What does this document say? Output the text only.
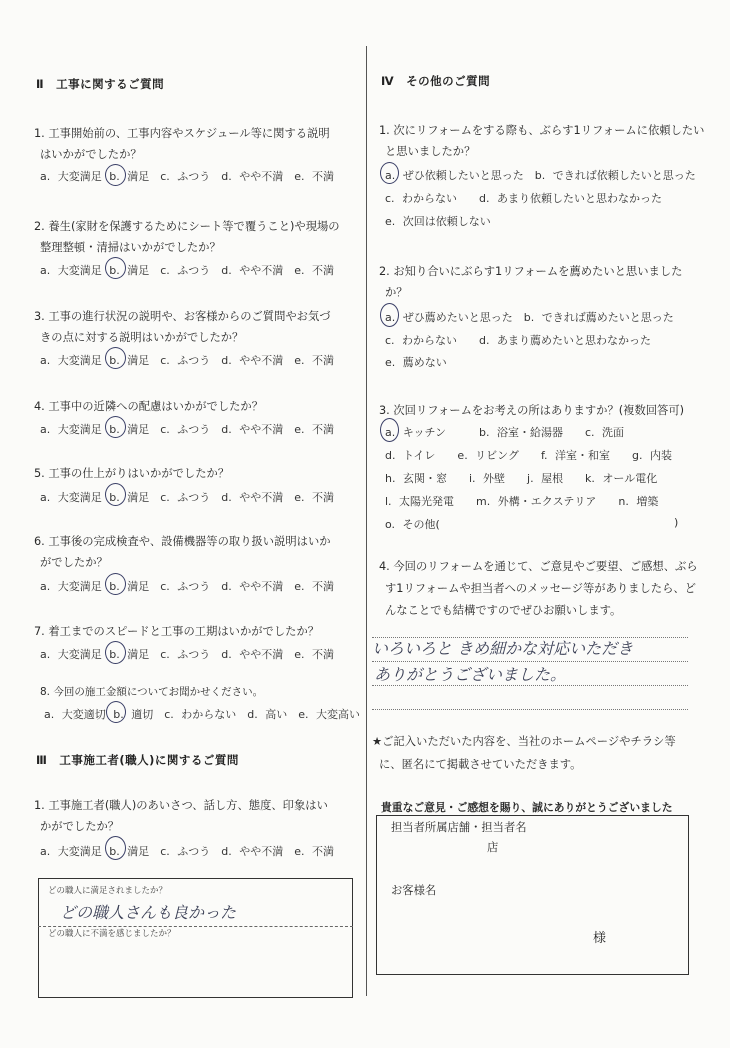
Ⅱ　工事に関するご質問
1. 工事開始前の、工事内容やスケジュール等に関する説明
はいかがでしたか？
a. 大変満足 b. 満足　c. ふつう　d. やや不満　e. 不満
2. 養生(家財を保護するためにシート等で覆うこと)や現場の
整理整頓・清掃はいかがでしたか？
a. 大変満足 b. 満足　c. ふつう　d. やや不満　e. 不満
3. 工事の進行状況の説明や、お客様からのご質問やお気づ
きの点に対する説明はいかがでしたか？
a. 大変満足 b. 満足　c. ふつう　d. やや不満　e. 不満
4. 工事中の近隣への配慮はいかがでしたか？
a. 大変満足 b. 満足　c. ふつう　d. やや不満　e. 不満
5. 工事の仕上がりはいかがでしたか？
a. 大変満足 b. 満足　c. ふつう　d. やや不満　e. 不満
6. 工事後の完成検査や、設備機器等の取り扱い説明はいか
がでしたか？
a. 大変満足 b. 満足　c. ふつう　d. やや不満　e. 不満
7. 着工までのスピードと工事の工期はいかがでしたか？
a. 大変満足 b. 満足　c. ふつう　d. やや不満　e. 不満
8. 今回の施工金額についてお聞かせください。
a. 大変適切 b. 適切　c. わからない　d. 高い　e. 大変高い
Ⅲ　工事施工者(職人)に関するご質問
1. 工事施工者(職人)のあいさつ、話し方、態度、印象はい
かがでしたか？
a. 大変満足 b. 満足　c. ふつう　d. やや不満　e. 不満
どの職人に満足されましたか？
どの職人さんも良かった
どの職人に不満を感じましたか？
Ⅳ　その他のご質問
1. 次にリフォームをする際も、ぶらす1リフォームに依頼したい
と思いましたか？
a. ぜひ依頼したいと思った　b. できれば依頼したいと思った
c. わからない　　d. あまり依頼したいと思わなかった
e. 次回は依頼しない
2. お知り合いにぶらす1リフォームを薦めたいと思いました
か？
a. ぜひ薦めたいと思った　b. できれば薦めたいと思った
c. わからない　　d. あまり薦めたいと思わなかった
e. 薦めない
3. 次回リフォームをお考えの所はありますか？(複数回答可)
a. キッチン　　　b. 浴室・給湯器　　c. 洗面
d. トイレ　　e. リビング　　f. 洋室・和室　　g. 内装
h. 玄関・窓　　i. 外壁　　j. 屋根　　k. オール電化
l. 太陽光発電　　m. 外構・エクステリア　　n. 増築
o. その他(	)
4. 今回のリフォームを通じて、ご意見やご要望、ご感想、ぶら
す1リフォームや担当者へのメッセージ等がありましたら、ど
んなことでも結構ですのでぜひお願いします。
いろいろと きめ細かな対応いただき
ありがとうございました。
★ご記入いただいた内容を、当社のホームページやチラシ等
に、匿名にて掲載させていただきます。
貴重なご意見・ご感想を賜り、誠にありがとうございました
担当者所属店舗・担当者名
店
お客様名
様
